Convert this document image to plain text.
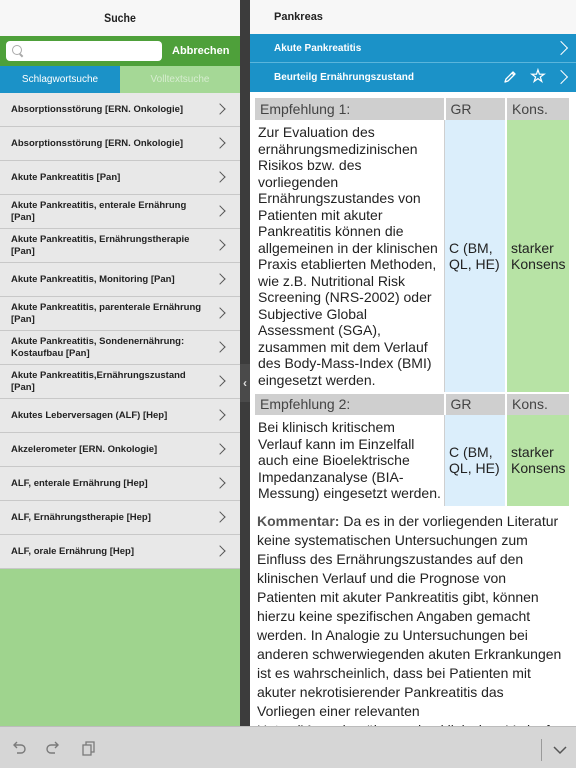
Suche
Abbrechen
Schlagwortsuche	Volltextsuche
Absorptionsstörung [ERN. Onkologie]
Absorptionsstörung [ERN. Onkologie]
Akute Pankreatitis [Pan]
Akute Pankreatitis, enterale Ernährung [Pan]
Akute Pankreatitis, Ernährungstherapie [Pan]
Akute Pankreatitis, Monitoring [Pan]
Akute Pankreatitis, parenterale Ernährung [Pan]
Akute Pankreatitis, Sondenernährung: Kostaufbau [Pan]
Akute Pankreatitis,Ernährungszustand [Pan]
Akutes Leberversagen (ALF) [Hep]
Akzelerometer [ERN. Onkologie]
ALF, enterale Ernährung [Hep]
ALF, Ernährungstherapie [Hep]
ALF, orale Ernährung [Hep]
‹
Pankreas
Akute Pankreatitis
Beurteilg Ernährungszustand	☆
Empfehlung 1:	GR	Kons.
Zur Evaluation des ernährungsmedizinischen Risikos bzw. des vorliegenden Ernährungszustandes von Patienten mit akuter Pankreatitis können die allgemeinen in der klinischen Praxis etablierten Methoden, wie z.B. Nutritional Risk Screening (NRS-2002) oder Subjective Global Assessment (SGA), zusammen mit dem Verlauf des Body-Mass-Index (BMI) eingesetzt werden.	C (BM, QL, HE)	starker Konsens
Empfehlung 2:	GR	Kons.
Bei klinisch kritischem Verlauf kann im Einzelfall auch eine Bioelektrische Impedanzanalyse (BIA-Messung) eingesetzt werden.	C (BM, QL, HE)	starker Konsens

Kommentar: Da es in der vorliegenden Literatur keine systematischen Untersuchungen zum Einfluss des Ernährungszustandes auf den klinischen Verlauf und die Prognose von Patienten mit akuter Pankreatitis gibt, können hierzu keine spezifischen Angaben gemacht werden. In Analogie zu Untersuchungen bei anderen schwerwiegenden akuten Erkrankungen ist es wahrscheinlich, dass bei Patienten mit akuter nekrotisierender Pankreatitis das Vorliegen einer relevanten
